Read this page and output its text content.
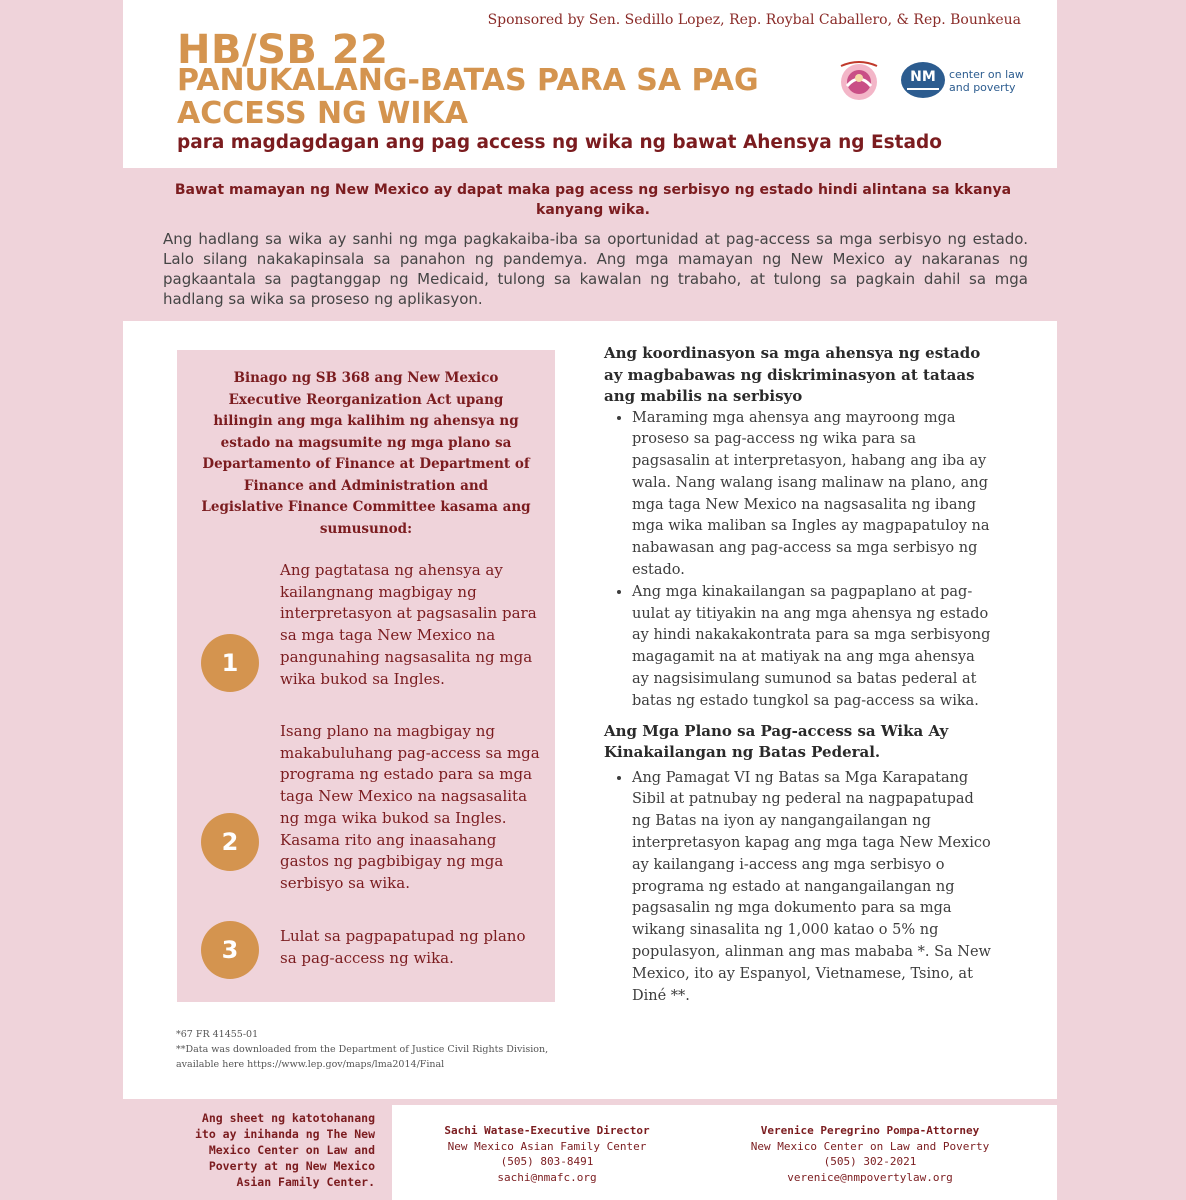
Sponsored by Sen. Sedillo Lopez, Rep. Roybal Caballero, & Rep. Bounkeua
HB/SB 22
PANUKALANG-BATAS PARA SA PAG ACCESS NG WIKA
para magdagdagan ang pag access ng wika ng bawat Ahensya ng Estado
NM	center on law and poverty

Bawat mamayan ng New Mexico ay dapat maka pag acess ng serbisyo ng estado hindi alintana sa kkanya kanyang wika.

Ang hadlang sa wika ay sanhi ng mga pagkakaiba-iba sa oportunidad at pag-access sa mga serbisyo ng estado. Lalo silang nakakapinsala sa panahon ng pandemya. Ang mga mamayan ng New Mexico ay nakaranas ng pagkaantala sa pagtanggap ng Medicaid, tulong sa kawalan ng trabaho, at tulong sa pagkain dahil sa mga hadlang sa wika sa proseso ng aplikasyon.

Binago ng SB 368 ang New Mexico Executive Reorganization Act upang hilingin ang mga kalihim ng ahensya ng estado na magsumite ng mga plano sa Departamento of Finance at Department of Finance and Administration and Legislative Finance Committee kasama ang sumusunod:

1

Ang pagtatasa ng ahensya ay kailangnang magbigay ng interpretasyon at pagsasalin para sa mga taga New Mexico na pangunahing nagsasalita ng mga wika bukod sa Ingles.

2

Isang plano na magbigay ng makabuluhang pag-access sa mga programa ng estado para sa mga taga New Mexico na nagsasalita ng mga wika bukod sa Ingles. Kasama rito ang inaasahang gastos ng pagbibigay ng mga serbisyo sa wika.

3	Lulat sa pagpapatupad ng plano sa pag-access ng wika.

*67 FR 41455-01

**Data was downloaded from the Department of Justice Civil Rights Division,

available here https://www.lep.gov/maps/lma2014/Final

Ang koordinasyon sa mga ahensya ng estado ay magbabawas ng diskriminasyon at tataas ang mabilis na serbisyo

• Maraming mga ahensya ang mayroong mga proseso sa pag-access ng wika para sa pagsasalin at interpretasyon, habang ang iba ay wala. Nang walang isang malinaw na plano, ang mga taga New Mexico na nagsasalita ng ibang mga wika maliban sa Ingles ay magpapatuloy na nabawasan ang pag-access sa mga serbisyo ng estado.
• Ang mga kinakailangan sa pagpaplano at pag-uulat ay titiyakin na ang mga ahensya ng estado ay hindi nakakakontrata para sa mga serbisyong magagamit na at matiyak na ang mga ahensya ay nagsisimulang sumunod sa batas pederal at batas ng estado tungkol sa pag-access sa wika.

Ang Mga Plano sa Pag-access sa Wika Ay Kinakailangan ng Batas Pederal.

• Ang Pamagat VI ng Batas sa Mga Karapatang Sibil at patnubay ng pederal na nagpapatupad ng Batas na iyon ay nangangailangan ng interpretasyon kapag ang mga taga New Mexico ay kailangang i-access ang mga serbisyo o programa ng estado at nangangailangan ng pagsasalin ng mga dokumento para sa mga wikang sinasalita ng 1,000 katao o 5% ng populasyon, alinman ang mas mababa *. Sa New Mexico, ito ay Espanyol, Vietnamese, Tsino, at Diné **.

Ang sheet ng katotohanang ito ay inihanda ng The New Mexico Center on Law and Poverty at ng New Mexico Asian Family Center.

Sachi Watase-Executive Director

New Mexico Asian Family Center

(505) 803-8491

sachi@nmafc.org

Verenice Peregrino Pompa-Attorney

New Mexico Center on Law and Poverty

(505) 302-2021

verenice@nmpovertylaw.org
